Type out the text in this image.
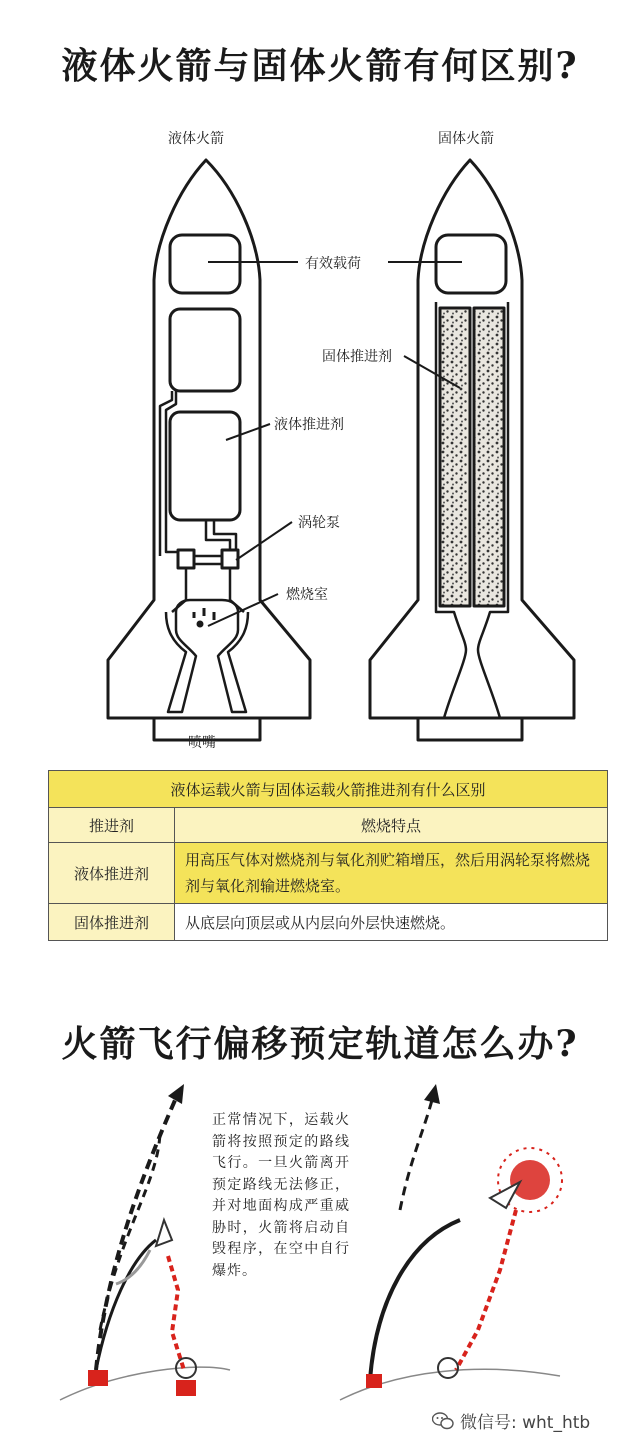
液体火箭与固体火箭有何区别?
液体火箭	固体火箭
有效载荷
固体推进剂
液体推进剂
涡轮泵
燃烧室
喷嘴
液体运载火箭与固体运载火箭推进剂有什么区别	
推进剂	燃烧特点
液体推进剂	用高压气体对燃烧剂与氧化剂贮箱增压，然后用涡轮泵将燃烧剂与氧化剂输进燃烧室。
固体推进剂	从底层向顶层或从内层向外层快速燃烧。
火箭飞行偏移预定轨道怎么办?
正常情况下，运载火箭将按照预定的路线飞行。一旦火箭离开预定路线无法修正，并对地面构成严重威胁时，火箭将启动自毁程序，在空中自行爆炸。
微信号: wht_htb
